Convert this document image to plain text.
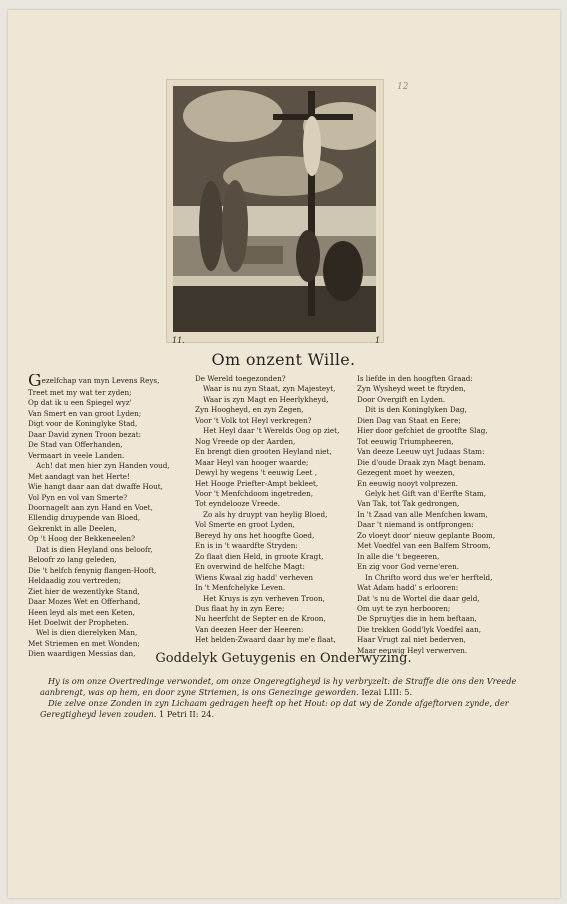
11.	1
12
Om onzent Wille.
Gezelfchap van myn Levens Reys,
Treet met my wat ter zyden;
Op dat ik u een Spiegel wyz'
Van Smert en van groot Lyden;
Digt voor de Koninglyke Stad,
Daar David zynen Troon bezat:
De Stad van Offerhanden,
Vermaart in veele Landen.
Ach! dat men hier zyn Handen voud,
Met aandagt van het Herte!
Wie hangt daar aan dat dwaffe Hout,
Vol Pyn en vol van Smerte?
Doornagelt aan zyn Hand en Voet,
Ellendig druypende van Bloed,
Gekrenkt in alle Deelen,
Op 't Hoog der Bekkeneelen?
Dat is dien Heyland ons beloofr,
Beloofr zo lang geleden,
Die 't helfch fenynig flangen-Hooft,
Heldaadig zou vertreden;
Ziet hier de wezentlyke Stand,
Daar Mozes Wet en Offerhand,
Heen leyd als met een Keten,
Het Doelwit der Propheten.
Wel is dien dierelyken Man,
Met Striemen en met Wonden;
Dien waardigen Messias dan,
De Wereld toegezonden?
Waar is nu zyn Staat, zyn Majesteyt,
Waar is zyn Magt en Heerlykheyd,
Zyn Hoogheyd, en zyn Zegen,
Voor 't Volk tot Heyl verkregen?
Het Heyl daar 't Werelds Oog op ziet,
Nog Vreede op der Aarden,
En brengt dien grooten Heyland niet,
Maar Heyl van hooger waarde;
Dewyl hy wegens 't eeuwig Leet ,
Het Hooge Priefter-Ampt bekleet,
Voor 't Menfchdoom ingetreden,
Tot eyndelooze Vreede.
Zo als hy druypt van heylig Bloed,
Vol Smerte en groot Lyden,
Bereyd hy ons het hoogfte Goed,
En is in 't waardfte Stryden:
Zo flaat dien Held, in groote Kragt,
En overwind de helfche Magt:
Wiens Kwaal zig hadd' verheven
In 't Menfchelyke Leven.
Het Kruys is zyn verheven Troon,
Dus flaat hy in zyn Eere;
Nu heerfcht de Septer en de Kroon,
Van deezen Heer der Heeren:
Het helden-Zwaard daar hy me'e flaat,
Is liefde in den hoogften Graad:
Zyn Wysheyd weet te ftryden,
Door Overgift en Lyden.
Dit is den Koninglyken Dag,
Dien Dag van Staat en Eere;
Hier door gefchiet de grootfte Slag,
Tot eeuwig Triumpheeren,
Van deeze Leeuw uyt Judaas Stam:
Die d'oude Draak zyn Magt benam.
Gezegent moet hy weezen,
En eeuwig nooyt volprezen.
Gelyk het Gift van d'Eerfte Stam,
Van Tak, tot Tak gedrongen,
In 't Zaad van alle Menfchen kwam,
Daar 't niemand is ontfprongen:
Zo vloeyt door' nieuw geplante Boom,
Met Voedfel van een Balfem Stroom,
In alle die 't begeeren,
En zig voor God verne'eren.
In Chrifto word dus we'er herfteld,
Wat Adam hadd' s erlooren:
Dat 's nu de Wortel die daar geld,
Om uyt te zyn herbooren;
De Spruytjes die in hem beftaan,
Die trekken Godd'lyk Voedfel aan,
Haar Vrugt zal niet bederven,
Maar eeuwig Heyl verwerven.
Goddelyk Getuygenis en Onderwyzing.
Hy is om onze Overtredinge verwondet, om onze Ongeregtigheyd is hy verbryzelt: de Straffe die ons den Vreede aanbrengt, was op hem, en door zyne Striemen, is ons Genezinge geworden. Iezai LIII: 5.
Die zelve onze Zonden in zyn Lichaam gedragen heeft op het Hout: op dat wy de Zonde afgeftorven zynde, der Geregtigheyd leven zouden. 1 Petri II: 24.
